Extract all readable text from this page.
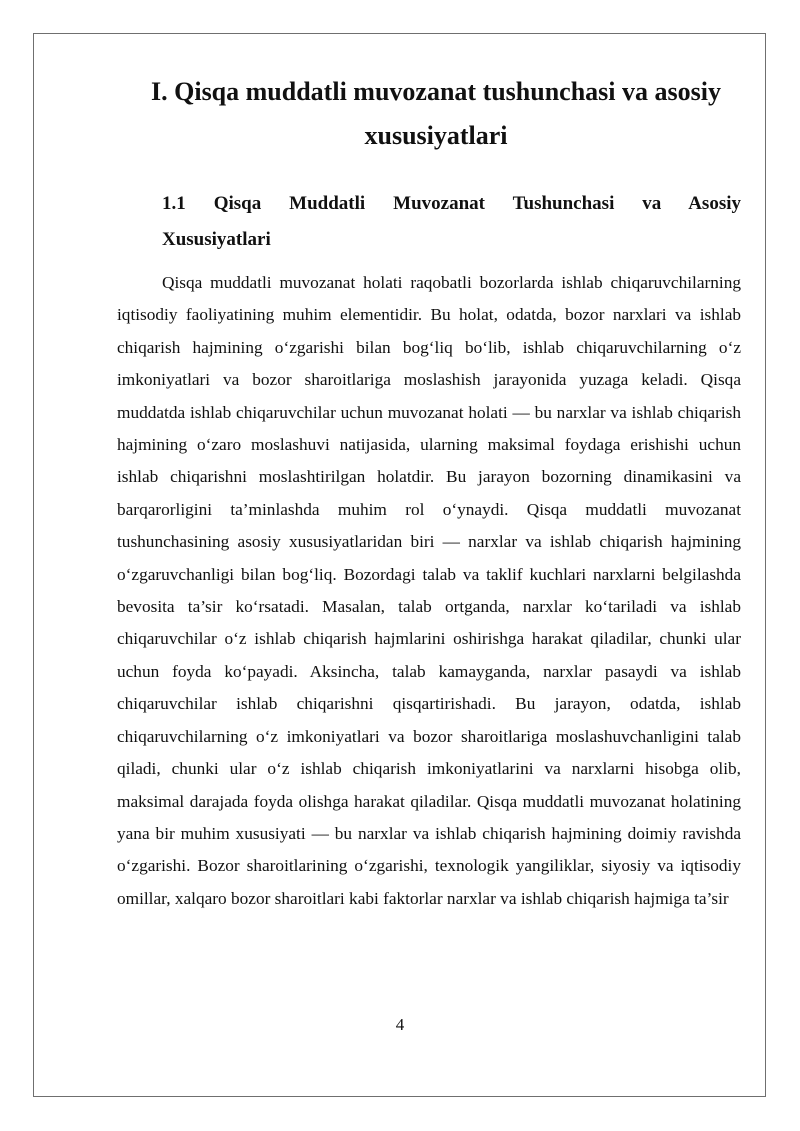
I. Qisqa muddatli muvozanat tushunchasi va asosiy xususiyatlari
1.1 Qisqa Muddatli Muvozanat Tushunchasi va Asosiy Xususiyatlari

Qisqa muddatli muvozanat holati raqobatli bozorlarda ishlab chiqaruvchilarning iqtisodiy faoliyatining muhim elementidir. Bu holat, odatda, bozor narxlari va ishlab chiqarish hajmining o‘zgarishi bilan bog‘liq bo‘lib, ishlab chiqaruvchilarning o‘z imkoniyatlari va bozor sharoitlariga moslashish jarayonida yuzaga keladi. Qisqa muddatda ishlab chiqaruvchilar uchun muvozanat holati — bu narxlar va ishlab chiqarish hajmining o‘zaro moslashuvi natijasida, ularning maksimal foydaga erishishi uchun ishlab chiqarishni moslashtirilgan holatdir. Bu jarayon bozorning dinamikasini va barqarorligini ta’minlashda muhim rol o‘ynaydi. Qisqa muddatli muvozanat tushunchasining asosiy xususiyatlaridan biri — narxlar va ishlab chiqarish hajmining o‘zgaruvchanligi bilan bog‘liq. Bozordagi talab va taklif kuchlari narxlarni belgilashda bevosita ta’sir ko‘rsatadi. Masalan, talab ortganda, narxlar ko‘tariladi va ishlab chiqaruvchilar o‘z ishlab chiqarish hajmlarini oshirishga harakat qiladilar, chunki ular uchun foyda ko‘payadi. Aksincha, talab kamayganda, narxlar pasaydi va ishlab chiqaruvchilar ishlab chiqarishni qisqartirishadi. Bu jarayon, odatda, ishlab chiqaruvchilarning o‘z imkoniyatlari va bozor sharoitlariga moslashuvchanligini talab qiladi, chunki ular o‘z ishlab chiqarish imkoniyatlarini va narxlarni hisobga olib, maksimal darajada foyda olishga harakat qiladilar. Qisqa muddatli muvozanat holatining yana bir muhim xususiyati — bu narxlar va ishlab chiqarish hajmining doimiy ravishda o‘zgarishi. Bozor sharoitlarining o‘zgarishi, texnologik yangiliklar, siyosiy va iqtisodiy omillar, xalqaro bozor sharoitlari kabi faktorlar narxlar va ishlab chiqarish hajmiga ta’sir

4
